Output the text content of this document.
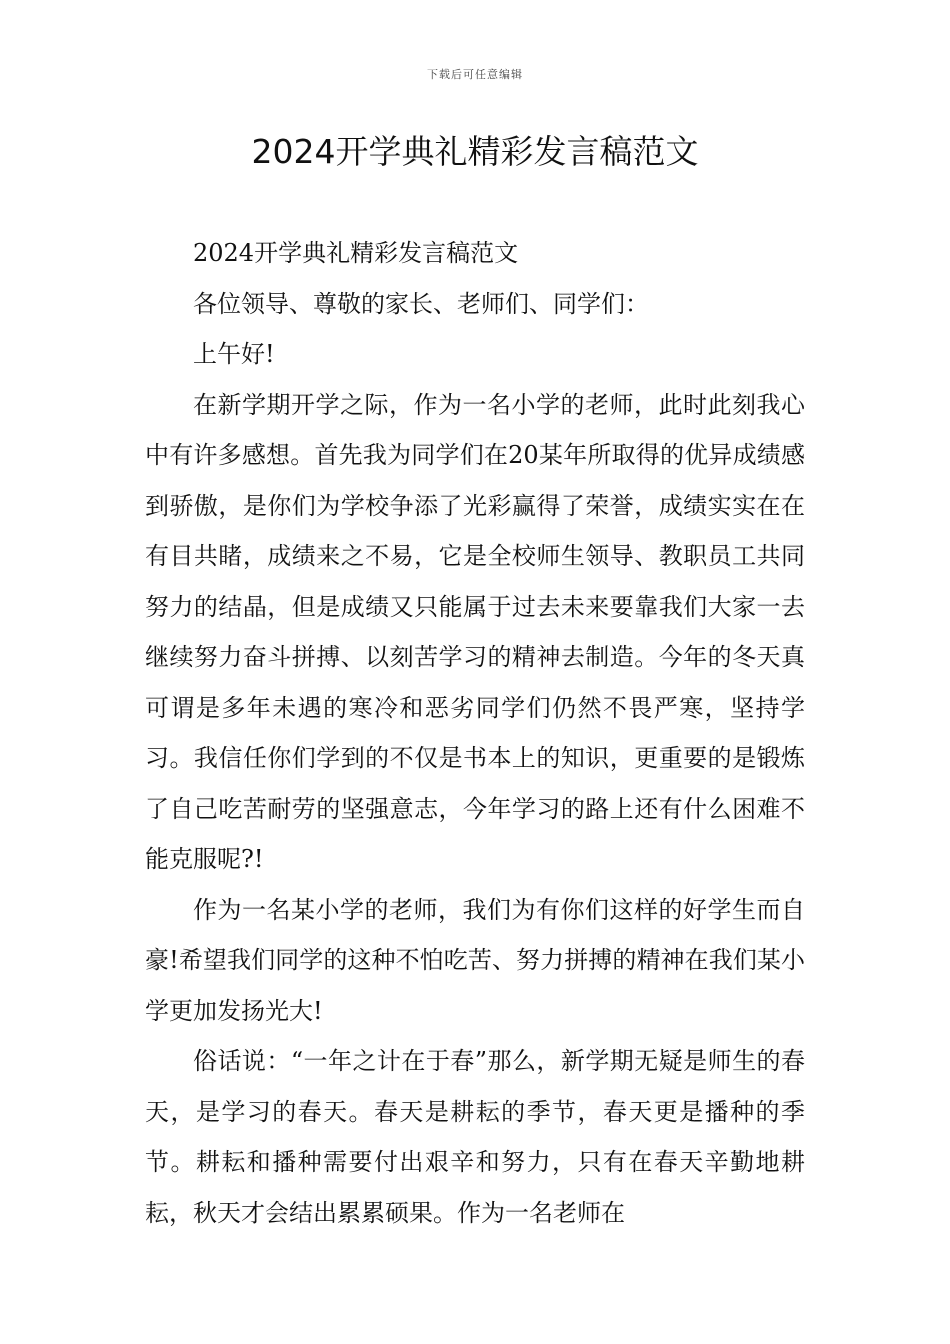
下载后可任意编辑
2024开学典礼精彩发言稿范文

2024开学典礼精彩发言稿范文

各位领导、尊敬的家长、老师们、同学们：

上午好!

在新学期开学之际，作为一名小学的老师，此时此刻我心中有许多感想。首先我为同学们在20某年所取得的优异成绩感到骄傲，是你们为学校争添了光彩赢得了荣誉，成绩实实在在有目共睹，成绩来之不易，它是全校师生领导、教职员工共同努力的结晶，但是成绩又只能属于过去未来要靠我们大家一去继续努力奋斗拼搏、以刻苦学习的精神去制造。今年的冬天真可谓是多年未遇的寒冷和恶劣同学们仍然不畏严寒，坚持学习。我信任你们学到的不仅是书本上的知识，更重要的是锻炼了自己吃苦耐劳的坚强意志，今年学习的路上还有什么困难不能克服呢?!

作为一名某小学的老师，我们为有你们这样的好学生而自豪!希望我们同学的这种不怕吃苦、努力拼搏的精神在我们某小学更加发扬光大!

俗话说：“一年之计在于春”那么，新学期无疑是师生的春天，是学习的春天。春天是耕耘的季节，春天更是播种的季节。耕耘和播种需要付出艰辛和努力，只有在春天辛勤地耕耘，秋天才会结出累累硕果。作为一名老师在
